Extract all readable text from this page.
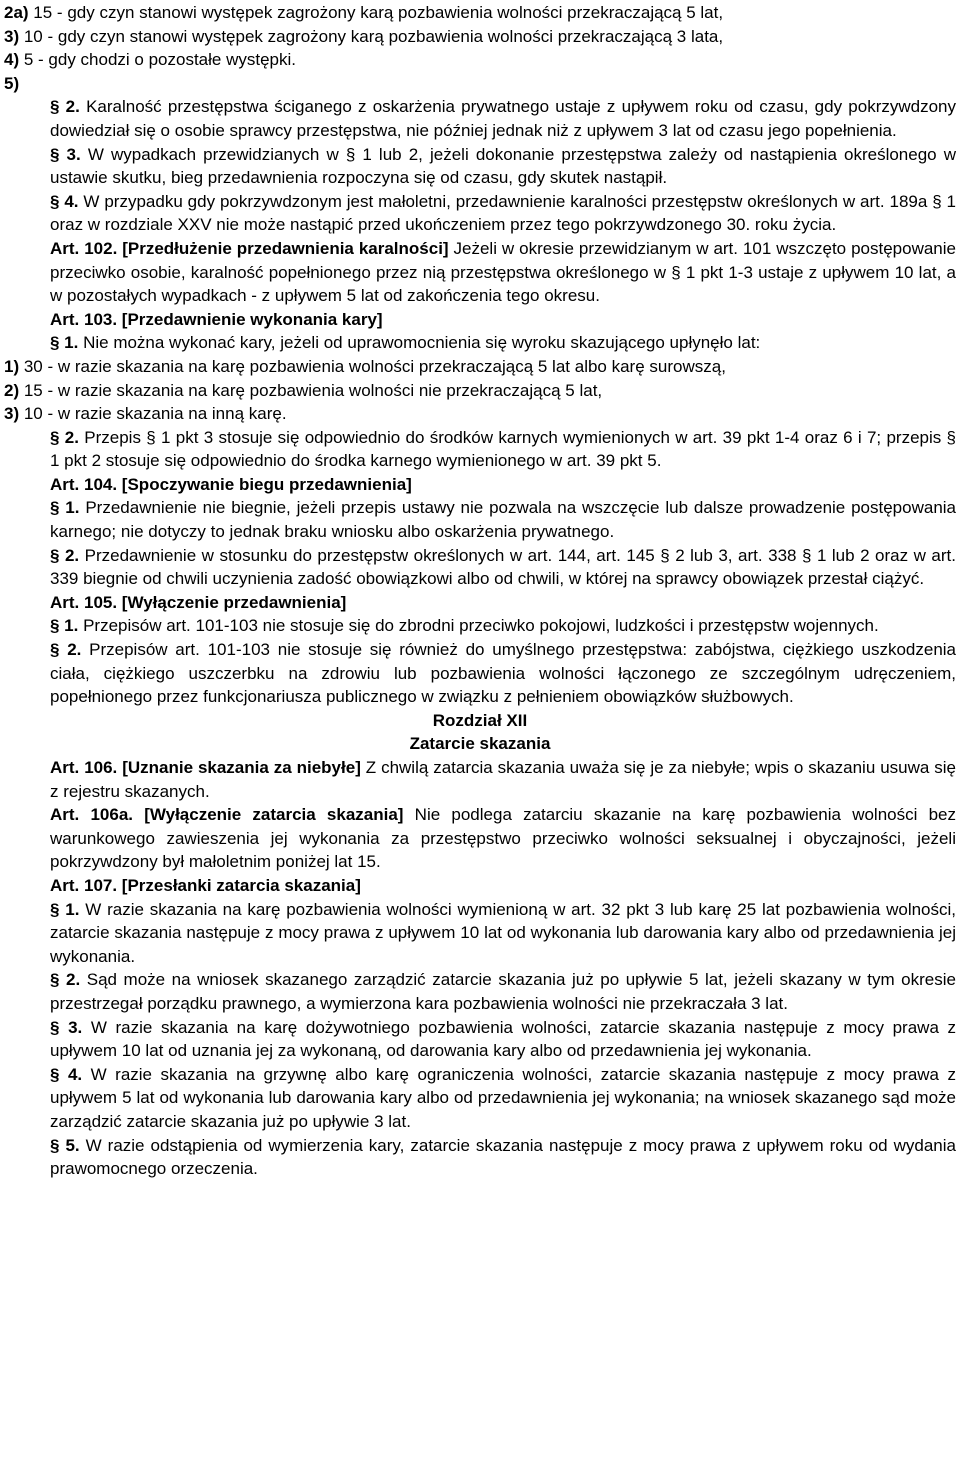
2a) 15 - gdy czyn stanowi występek zagrożony karą pozbawienia wolności przekraczającą 5 lat,

3) 10 - gdy czyn stanowi występek zagrożony karą pozbawienia wolności przekraczającą 3 lata,

4) 5 - gdy chodzi o pozostałe występki.

5)

§ 2. Karalność przestępstwa ściganego z oskarżenia prywatnego ustaje z upływem roku od czasu, gdy pokrzywdzony dowiedział się o osobie sprawcy przestępstwa, nie później jednak niż z upływem 3 lat od czasu jego popełnienia.

§ 3. W wypadkach przewidzianych w § 1 lub 2, jeżeli dokonanie przestępstwa zależy od nastąpienia określonego w ustawie skutku, bieg przedawnienia rozpoczyna się od czasu, gdy skutek nastąpił.

§ 4. W przypadku gdy pokrzywdzonym jest małoletni, przedawnienie karalności przestępstw określonych w art. 189a § 1 oraz w rozdziale XXV nie może nastąpić przed ukończeniem przez tego pokrzywdzonego 30. roku życia.

Art. 102. [Przedłużenie przedawnienia karalności] Jeżeli w okresie przewidzianym w art. 101 wszczęto postępowanie przeciwko osobie, karalność popełnionego przez nią przestępstwa określonego w § 1 pkt 1-3 ustaje z upływem 10 lat, a w pozostałych wypadkach - z upływem 5 lat od zakończenia tego okresu.

Art. 103. [Przedawnienie wykonania kary]

§ 1. Nie można wykonać kary, jeżeli od uprawomocnienia się wyroku skazującego upłynęło lat:

1) 30 - w razie skazania na karę pozbawienia wolności przekraczającą 5 lat albo karę surowszą,

2) 15 - w razie skazania na karę pozbawienia wolności nie przekraczającą 5 lat,

3) 10 - w razie skazania na inną karę.

§ 2. Przepis § 1 pkt 3 stosuje się odpowiednio do środków karnych wymienionych w art. 39 pkt 1-4 oraz 6 i 7; przepis § 1 pkt 2 stosuje się odpowiednio do środka karnego wymienionego w art. 39 pkt 5.

Art. 104. [Spoczywanie biegu przedawnienia]

§ 1. Przedawnienie nie biegnie, jeżeli przepis ustawy nie pozwala na wszczęcie lub dalsze prowadzenie postępowania karnego; nie dotyczy to jednak braku wniosku albo oskarżenia prywatnego.

§ 2. Przedawnienie w stosunku do przestępstw określonych w art. 144, art. 145 § 2 lub 3, art. 338 § 1 lub 2 oraz w art. 339 biegnie od chwili uczynienia zadość obowiązkowi albo od chwili, w której na sprawcy obowiązek przestał ciążyć.

Art. 105. [Wyłączenie przedawnienia]

§ 1. Przepisów art. 101-103 nie stosuje się do zbrodni przeciwko pokojowi, ludzkości i przestępstw wojennych.

§ 2. Przepisów art. 101-103 nie stosuje się również do umyślnego przestępstwa: zabójstwa, ciężkiego uszkodzenia ciała, ciężkiego uszczerbku na zdrowiu lub pozbawienia wolności łączonego ze szczególnym udręczeniem, popełnionego przez funkcjonariusza publicznego w związku z pełnieniem obowiązków służbowych.

Rozdział XII

Zatarcie skazania

Art. 106. [Uznanie skazania za niebyłe] Z chwilą zatarcia skazania uważa się je za niebyłe; wpis o skazaniu usuwa się z rejestru skazanych.

Art. 106a. [Wyłączenie zatarcia skazania] Nie podlega zatarciu skazanie na karę pozbawienia wolności bez warunkowego zawieszenia jej wykonania za przestępstwo przeciwko wolności seksualnej i obyczajności, jeżeli pokrzywdzony był małoletnim poniżej lat 15.

Art. 107. [Przesłanki zatarcia skazania]

§ 1. W razie skazania na karę pozbawienia wolności wymienioną w art. 32 pkt 3 lub karę 25 lat pozbawienia wolności, zatarcie skazania następuje z mocy prawa z upływem 10 lat od wykonania lub darowania kary albo od przedawnienia jej wykonania.

§ 2. Sąd może na wniosek skazanego zarządzić zatarcie skazania już po upływie 5 lat, jeżeli skazany w tym okresie przestrzegał porządku prawnego, a wymierzona kara pozbawienia wolności nie przekraczała 3 lat.

§ 3. W razie skazania na karę dożywotniego pozbawienia wolności, zatarcie skazania następuje z mocy prawa z upływem 10 lat od uznania jej za wykonaną, od darowania kary albo od przedawnienia jej wykonania.

§ 4. W razie skazania na grzywnę albo karę ograniczenia wolności, zatarcie skazania następuje z mocy prawa z upływem 5 lat od wykonania lub darowania kary albo od przedawnienia jej wykonania; na wniosek skazanego sąd może zarządzić zatarcie skazania już po upływie 3 lat.

§ 5. W razie odstąpienia od wymierzenia kary, zatarcie skazania następuje z mocy prawa z upływem roku od wydania prawomocnego orzeczenia.
